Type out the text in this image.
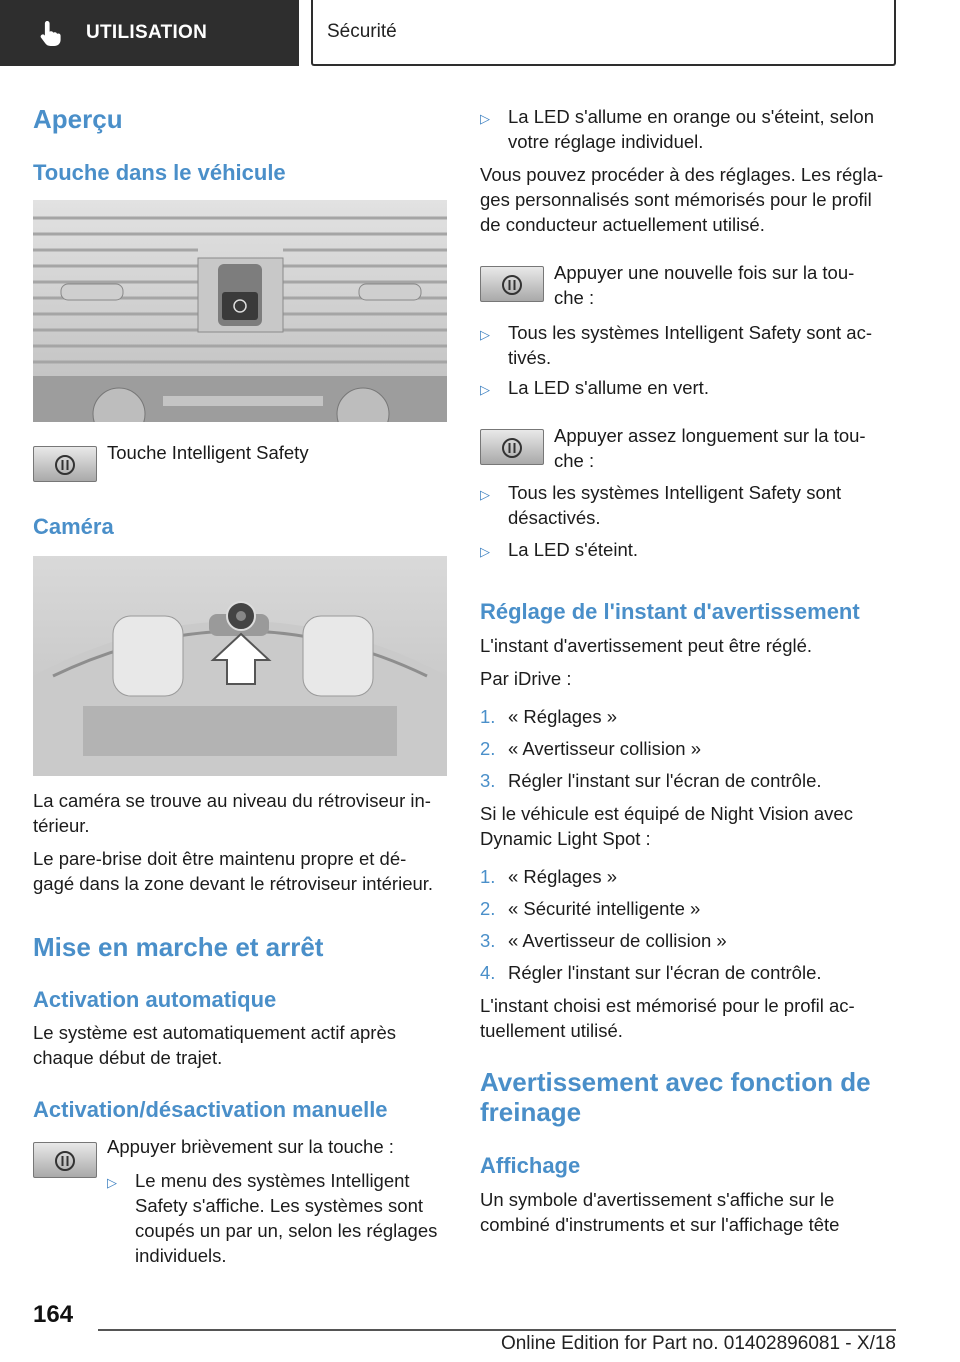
UTILISATION	Sécurité
Aperçu
Touche dans le véhicule
Touche Intelligent Safety
Caméra

La caméra se trouve au niveau du rétroviseur in-
térieur.

Le pare-brise doit être maintenu propre et dé-
gagé dans la zone devant le rétroviseur intérieur.

Mise en marche et arrêt
Activation automatique

Le système est automatiquement actif après
chaque début de trajet.

Activation/désactivation manuelle
Appuyer brièvement sur la touche :
▷ Le menu des systèmes Intelligent
Safety s'affiche. Les systèmes sont
coupés un par un, selon les réglages
individuels.
▷ La LED s'allume en orange ou s'éteint, selon
votre réglage individuel.

Vous pouvez procéder à des réglages. Les régla-
ges personnalisés sont mémorisés pour le profil
de conducteur actuellement utilisé.

Appuyer une nouvelle fois sur la tou-
che :
▷ Tous les systèmes Intelligent Safety sont ac-
tivés.
▷ La LED s'allume en vert.
Appuyer assez longuement sur la tou-
che :
▷ Tous les systèmes Intelligent Safety sont
désactivés.
▷ La LED s'éteint.
Réglage de l'instant d'avertissement

L'instant d'avertissement peut être réglé.

Par iDrive :

1. « Réglages »
2. « Avertisseur collision »
3. Régler l'instant sur l'écran de contrôle.

Si le véhicule est équipé de Night Vision avec
Dynamic Light Spot :

1. « Réglages »
2. « Sécurité intelligente »
3. « Avertisseur de collision »
4. Régler l'instant sur l'écran de contrôle.

L'instant choisi est mémorisé pour le profil ac-
tuellement utilisé.

Avertissement avec fonction de
freinage
Affichage

Un symbole d'avertissement s'affiche sur le
combiné d'instruments et sur l'affichage tête

164
Online Edition for Part no. 01402896081 - X/18
